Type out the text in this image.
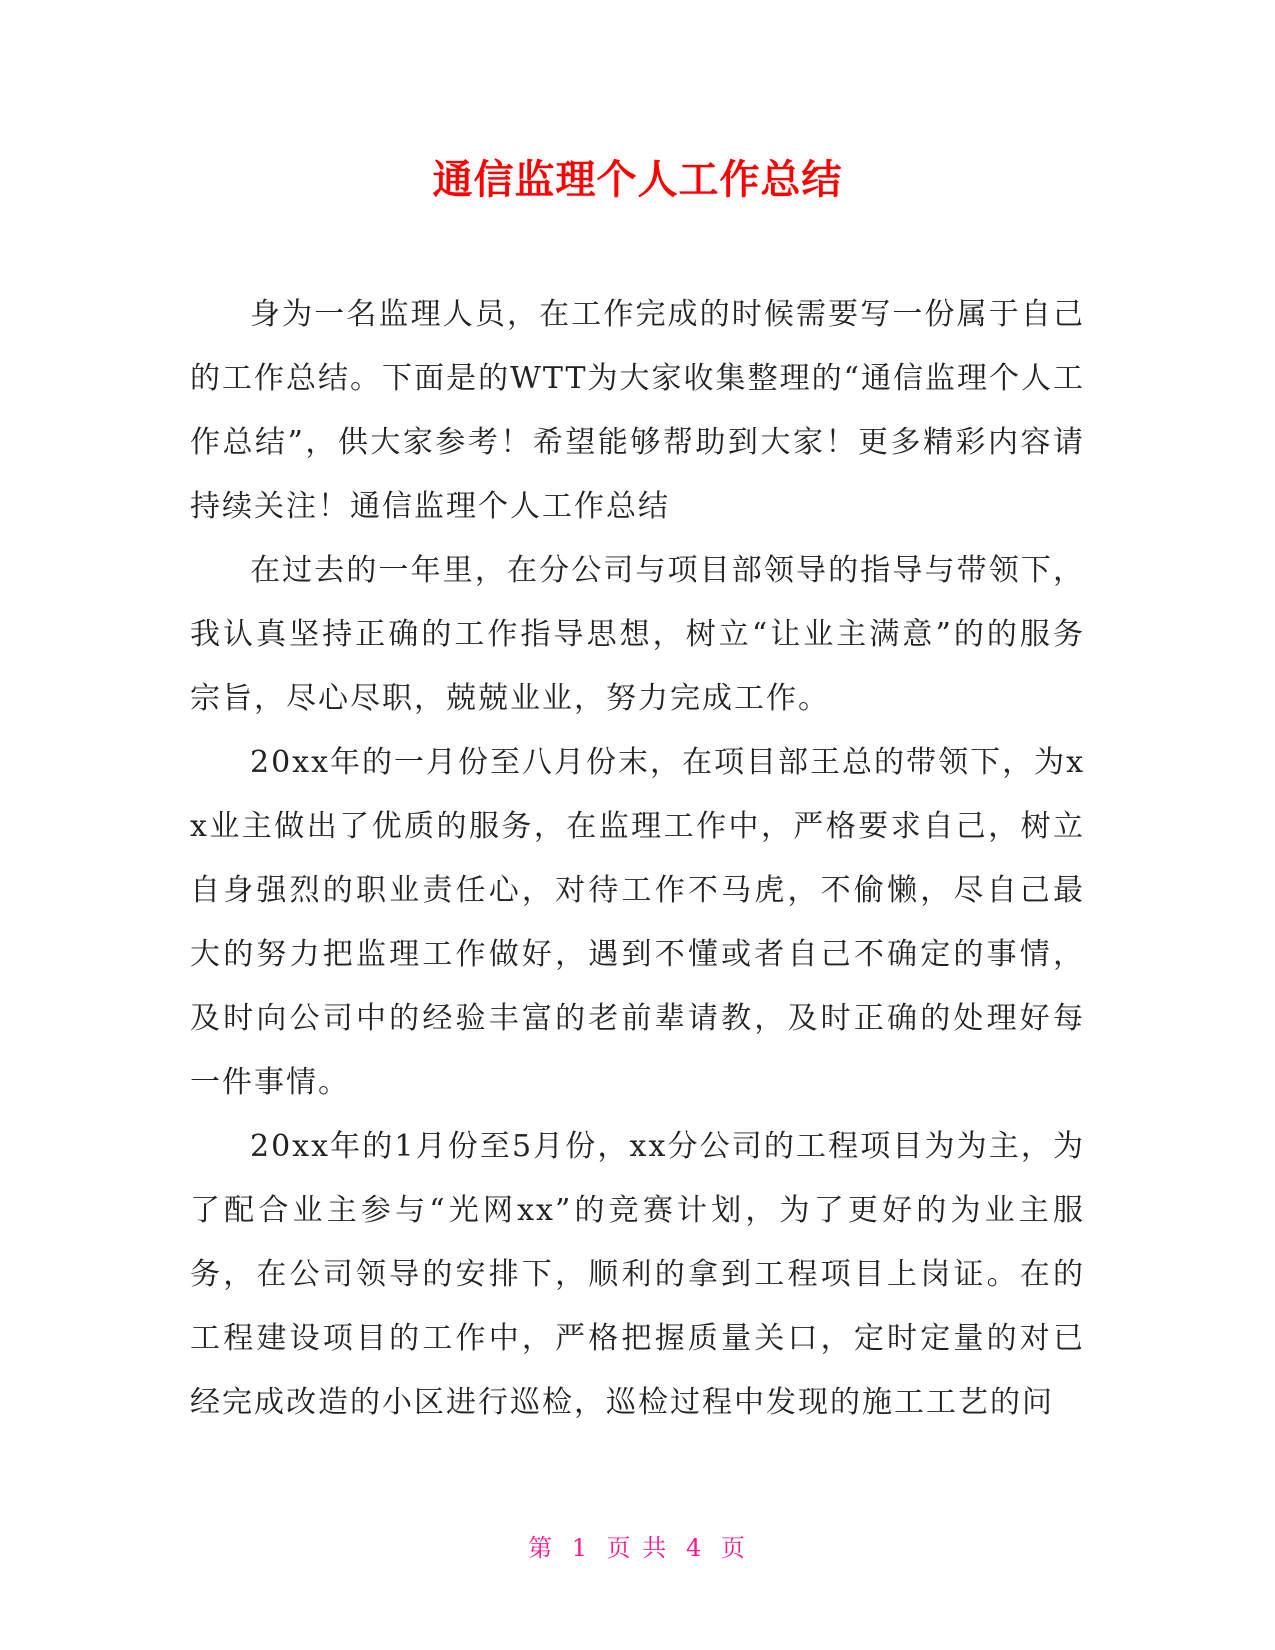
通信监理个人工作总结

身为一名监理人员，在工作完成的时候需要写一份属于自己的工作总结。下面是的WTT为大家收集整理的“通信监理个人工作总结”，供大家参考！希望能够帮助到大家！更多精彩内容请持续关注！通信监理个人工作总结

在过去的一年里，在分公司与项目部领导的指导与带领下，我认真坚持正确的工作指导思想，树立“让业主满意”的的服务宗旨，尽心尽职，兢兢业业，努力完成工作。

20xx年的一月份至八月份末，在项目部王总的带领下，为xx业主做出了优质的服务，在监理工作中，严格要求自己，树立自身强烈的职业责任心，对待工作不马虎，不偷懒，尽自己最大的努力把监理工作做好，遇到不懂或者自己不确定的事情，及时向公司中的经验丰富的老前辈请教，及时正确的处理好每一件事情。

20xx年的1月份至5月份，xx分公司的工程项目为为主，为了配合业主参与“光网xx”的竞赛计划，为了更好的为业主服务，在公司领导的安排下，顺利的拿到工程项目上岗证。在的工程建设项目的工作中，严格把握质量关口，定时定量的对已经完成改造的小区进行巡检，巡检过程中发现的施工工艺的问

第 1 页 共 4 页
